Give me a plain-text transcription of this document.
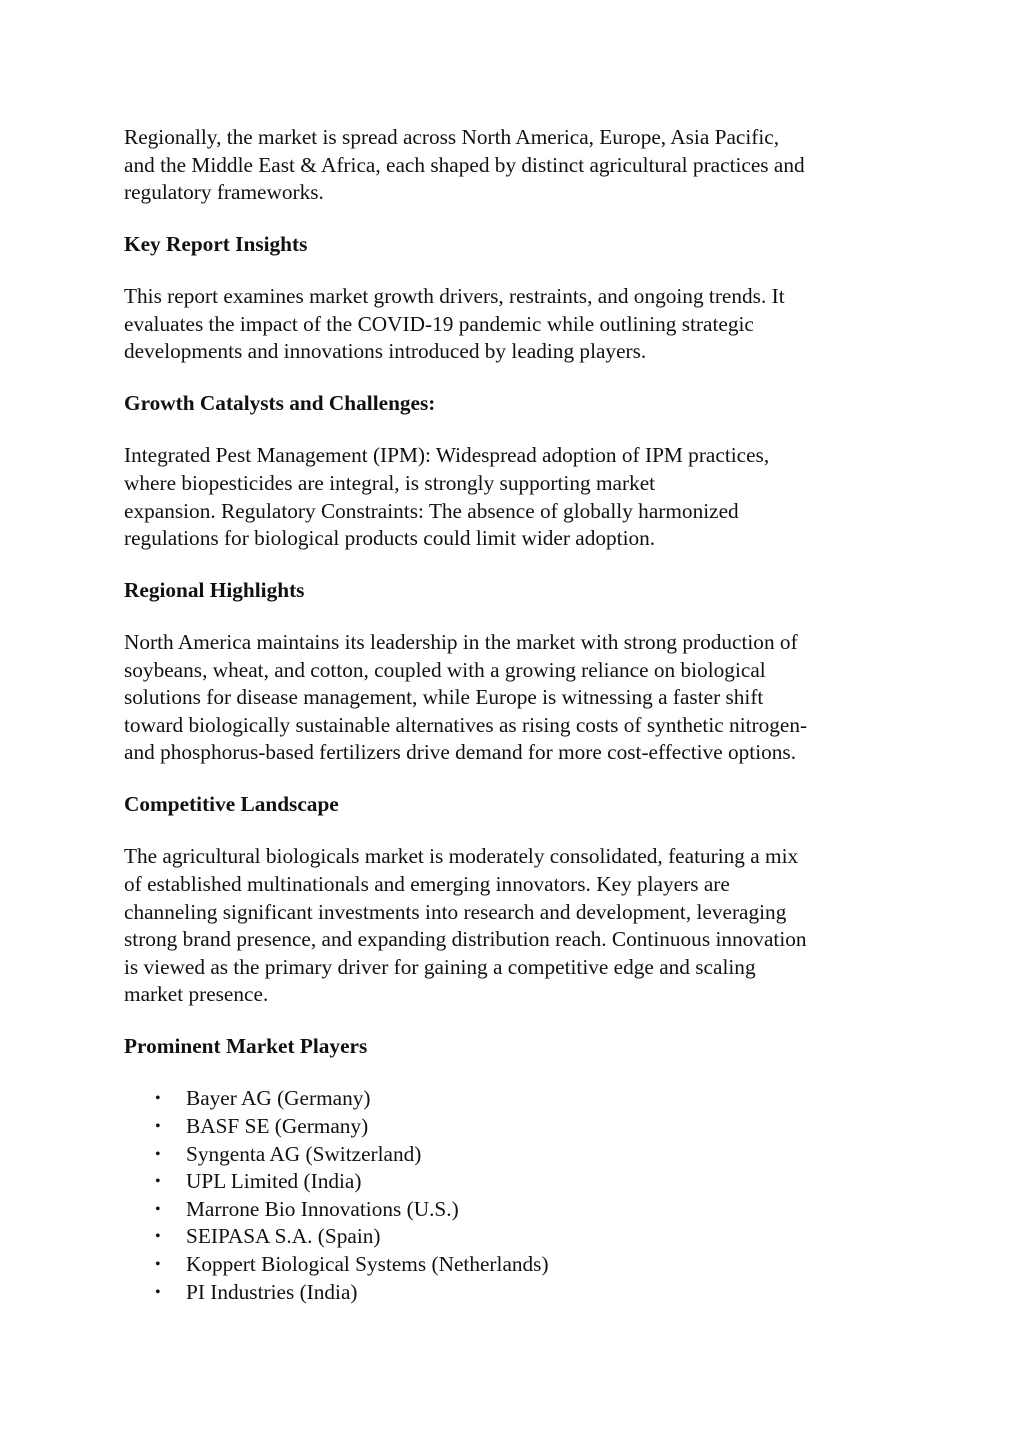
Regionally, the market is spread across North America, Europe, Asia Pacific,
and the Middle East & Africa, each shaped by distinct agricultural practices and
regulatory frameworks.

Key Report Insights

This report examines market growth drivers, restraints, and ongoing trends. It
evaluates the impact of the COVID-19 pandemic while outlining strategic
developments and innovations introduced by leading players.

Growth Catalysts and Challenges:

Integrated Pest Management (IPM): Widespread adoption of IPM practices,
where biopesticides are integral, is strongly supporting market
expansion. Regulatory Constraints: The absence of globally harmonized
regulations for biological products could limit wider adoption.

Regional Highlights

North America maintains its leadership in the market with strong production of
soybeans, wheat, and cotton, coupled with a growing reliance on biological
solutions for disease management, while Europe is witnessing a faster shift
toward biologically sustainable alternatives as rising costs of synthetic nitrogen-
and phosphorus-based fertilizers drive demand for more cost-effective options.

Competitive Landscape

The agricultural biologicals market is moderately consolidated, featuring a mix
of established multinationals and emerging innovators. Key players are
channeling significant investments into research and development, leveraging
strong brand presence, and expanding distribution reach. Continuous innovation
is viewed as the primary driver for gaining a competitive edge and scaling
market presence.

Prominent Market Players
• Bayer AG (Germany)
• BASF SE (Germany)
• Syngenta AG (Switzerland)
• UPL Limited (India)
• Marrone Bio Innovations (U.S.)
• SEIPASA S.A. (Spain)
• Koppert Biological Systems (Netherlands)
• PI Industries (India)
